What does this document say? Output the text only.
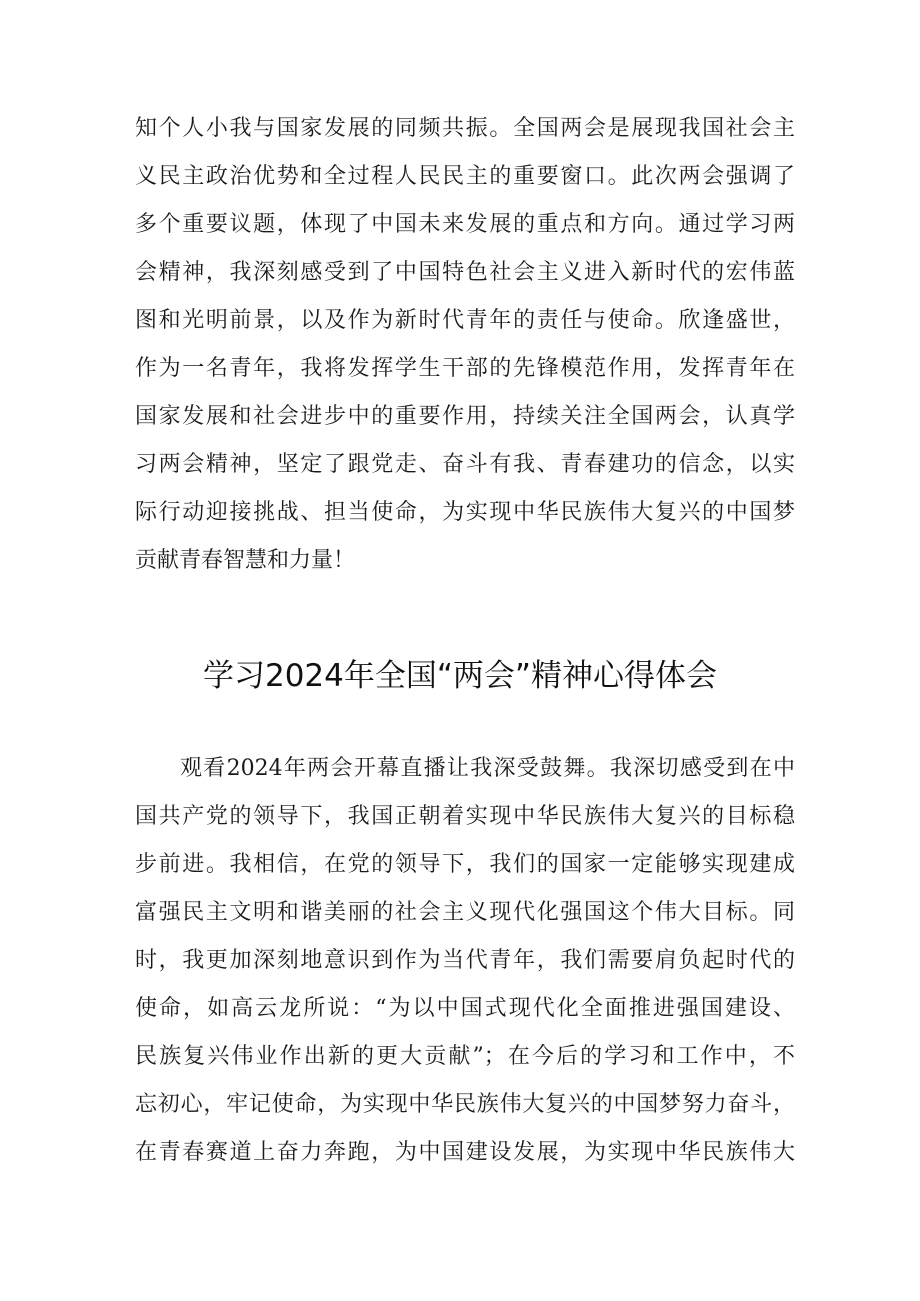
知个人小我与国家发展的同频共振。全国两会是展现我国社会主
义民主政治优势和全过程人民民主的重要窗口。此次两会强调了
多个重要议题，体现了中国未来发展的重点和方向。通过学习两
会精神，我深刻感受到了中国特色社会主义进入新时代的宏伟蓝
图和光明前景，以及作为新时代青年的责任与使命。欣逢盛世，
作为一名青年，我将发挥学生干部的先锋模范作用，发挥青年在
国家发展和社会进步中的重要作用，持续关注全国两会，认真学
习两会精神，坚定了跟党走、奋斗有我、青春建功的信念，以实
际行动迎接挑战、担当使命，为实现中华民族伟大复兴的中国梦
贡献青春智慧和力量！
学习2024年全国“两会”精神心得体会
观看2024年两会开幕直播让我深受鼓舞。我深切感受到在中
国共产党的领导下，我国正朝着实现中华民族伟大复兴的目标稳
步前进。我相信，在党的领导下，我们的国家一定能够实现建成
富强民主文明和谐美丽的社会主义现代化强国这个伟大目标。同
时，我更加深刻地意识到作为当代青年，我们需要肩负起时代的
使命，如高云龙所说：“为以中国式现代化全面推进强国建设、
民族复兴伟业作出新的更大贡献”；在今后的学习和工作中，不
忘初心，牢记使命，为实现中华民族伟大复兴的中国梦努力奋斗，
在青春赛道上奋力奔跑，为中国建设发展，为实现中华民族伟大
